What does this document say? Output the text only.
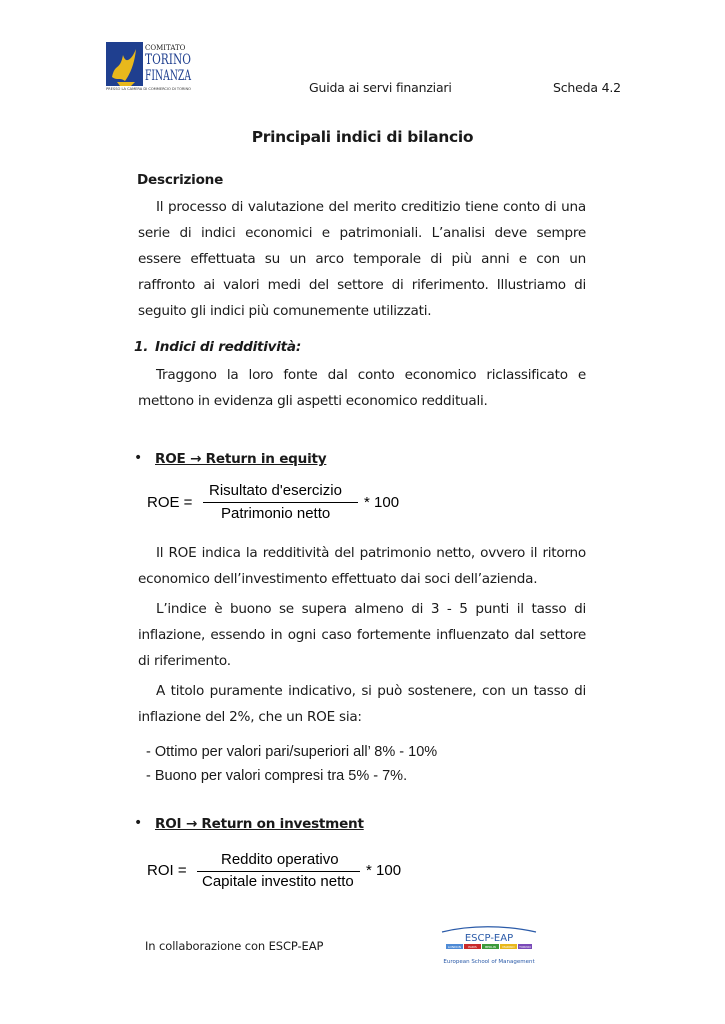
COMITATO
TORINO
FINANZA
PRESSO LA CAMERA DI COMMERCIO DI TORINO	Guida ai servi finanziari	Scheda 4.2
Principali indici di bilancio
Descrizione
Il processo di valutazione del merito creditizio tiene conto di una serie di indici economici e patrimoniali. L’analisi deve sempre essere effettuata su un arco temporale di più anni e con un raffronto ai valori medi del settore di riferimento. Illustriamo di seguito gli indici più comunemente utilizzati.
1. Indici di redditività:
Traggono la loro fonte dal conto economico riclassificato e mettono in evidenza gli aspetti economico reddituali.
• ROE → Return in equity
ROE =
Risultato d'esercizio
Patrimonio netto
* 100
Il ROE indica la redditività del patrimonio netto, ovvero il ritorno economico dell’investimento effettuato dai soci dell’azienda.
L’indice è buono se supera almeno di 3 - 5 punti il tasso di inflazione, essendo in ogni caso fortemente influenzato dal settore di riferimento.
A titolo puramente indicativo, si può sostenere, con un tasso di inflazione del 2%, che un ROE sia:
- Ottimo per valori pari/superiori all’ 8% - 10%
- Buono per valori compresi tra 5% - 7%.
• ROI → Return on investment
ROI =
Reddito operativo
Capitale investito netto
* 100
In collaborazione con ESCP-EAP
ESCP-EAP
LONDON PARIS	BERLIN MADRID	TORINO
European School of Management
